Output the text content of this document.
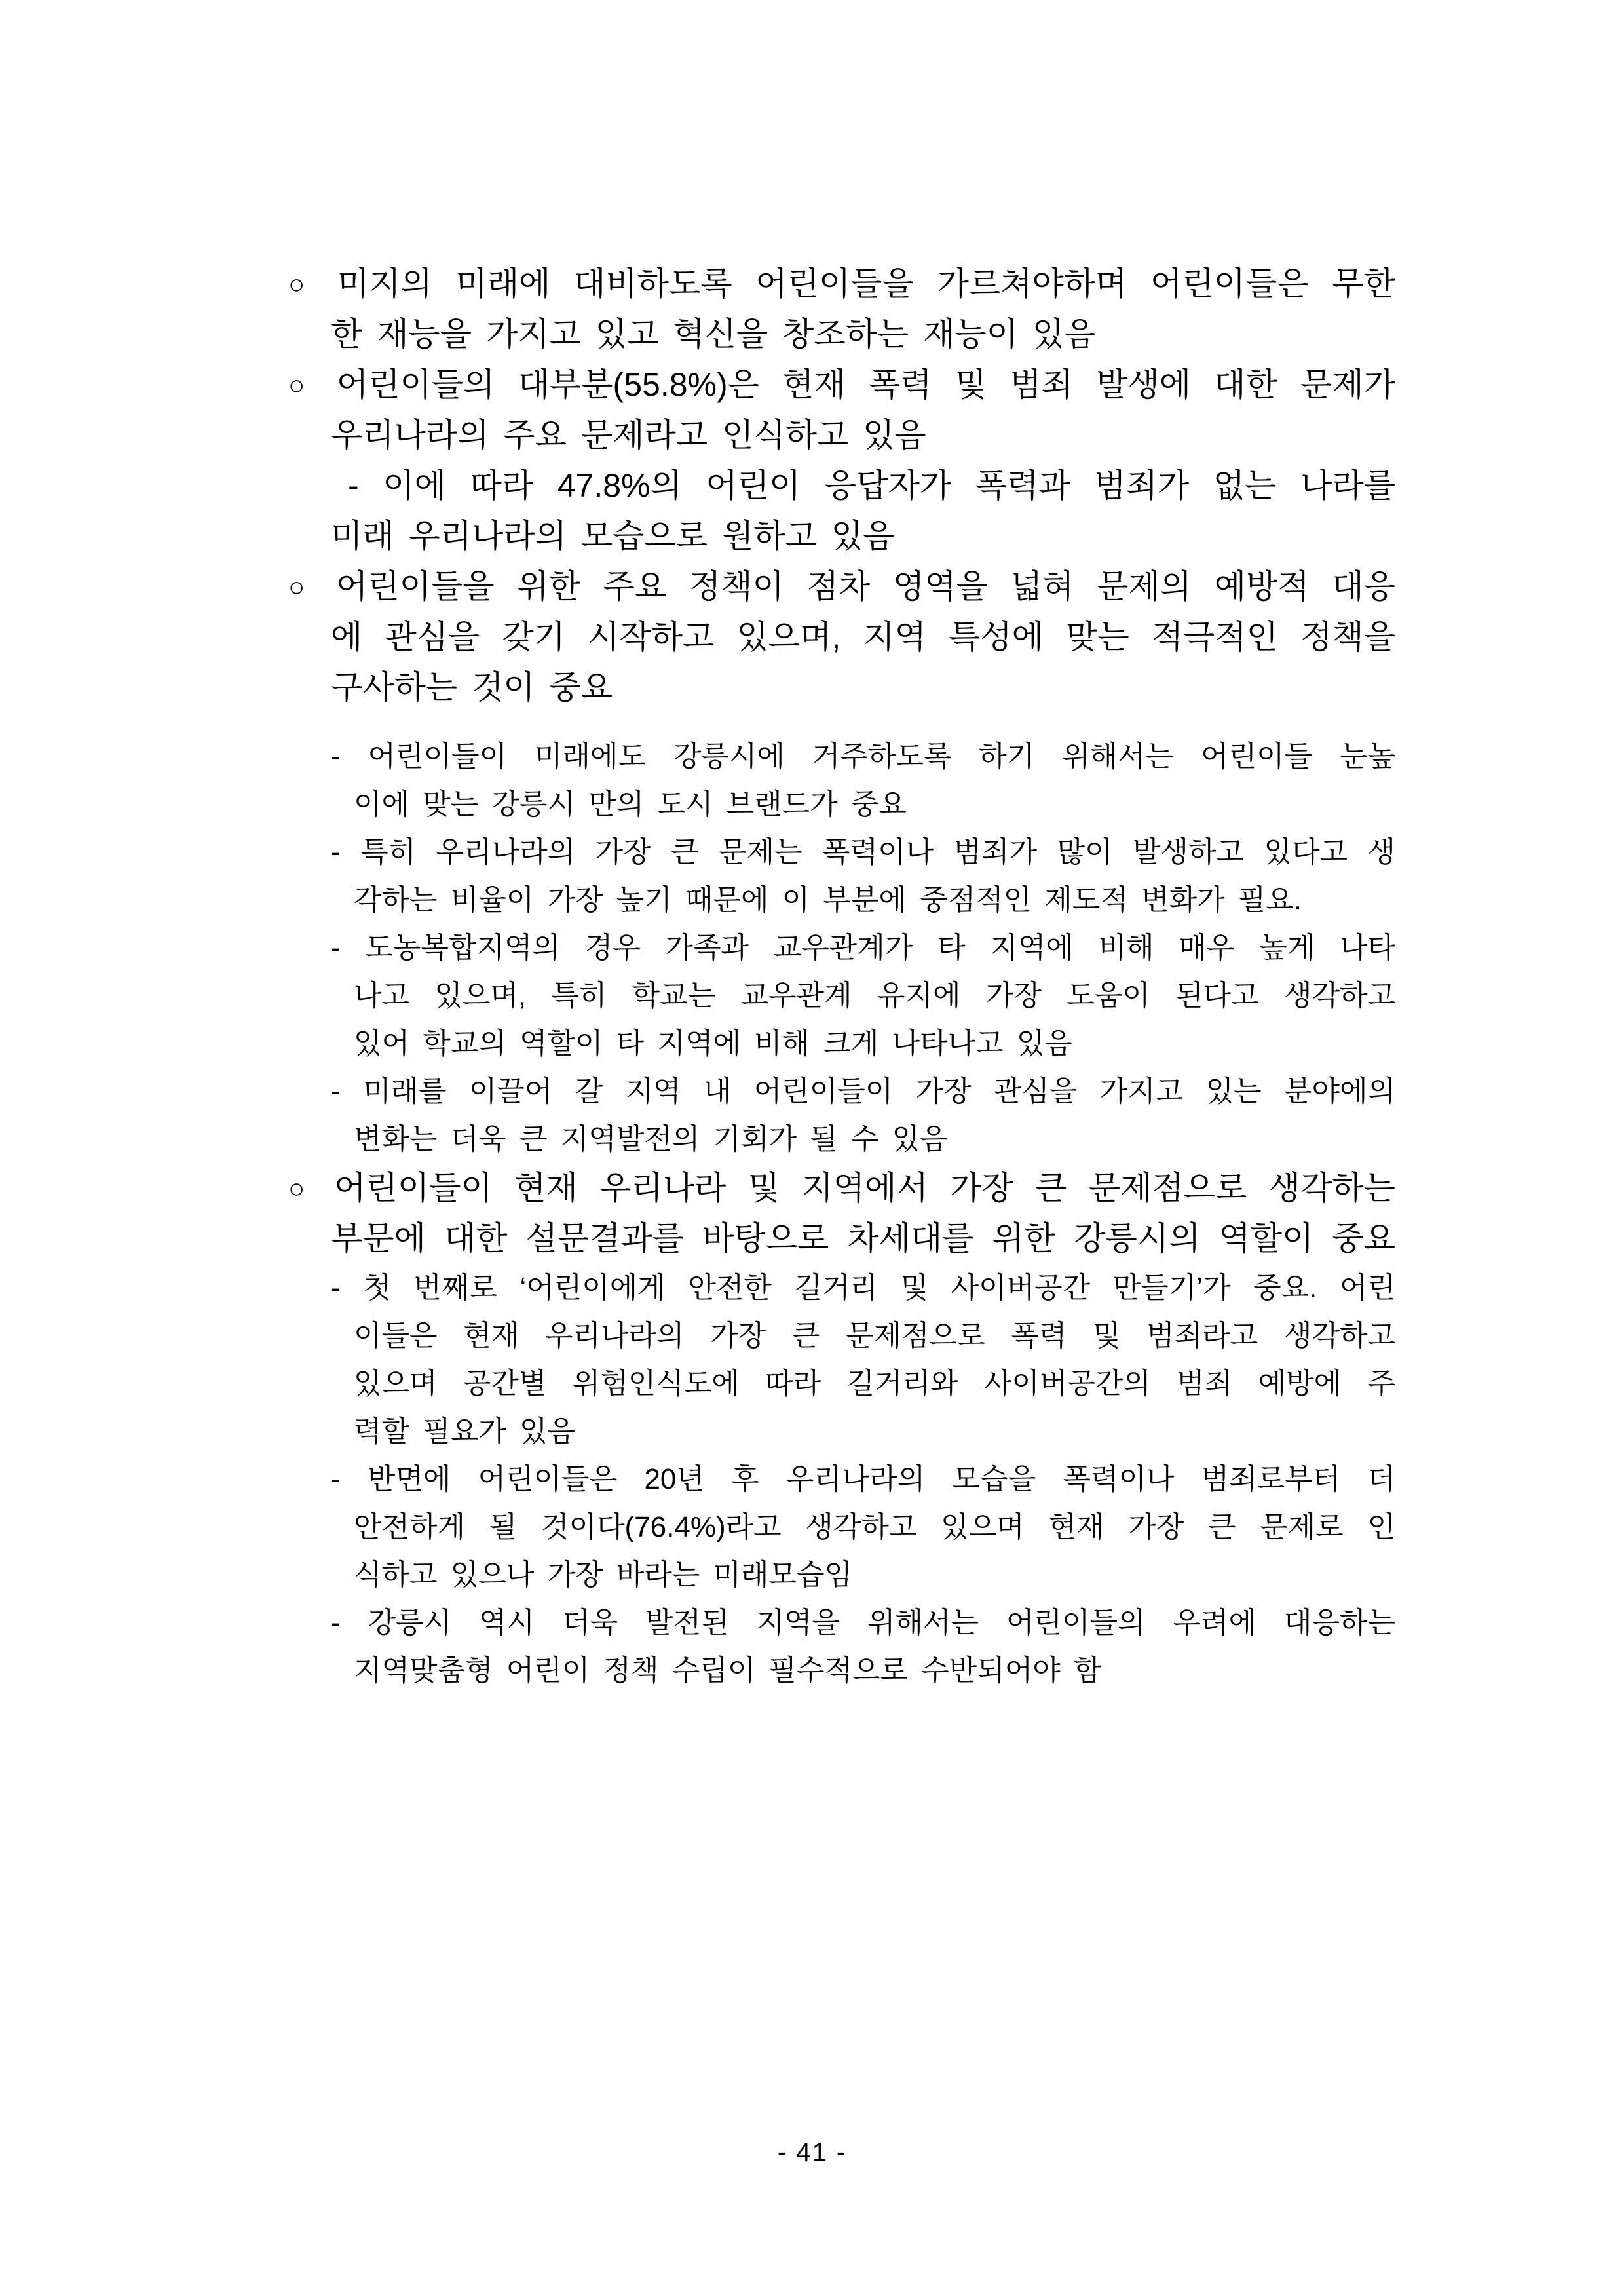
○ 미지의 미래에 대비하도록 어린이들을 가르쳐야하며 어린이들은 무한
한 재능을 가지고 있고 혁신을 창조하는 재능이 있음
○ 어린이들의 대부분(55.8%)은 현재 폭력 및 범죄 발생에 대한 문제가
우리나라의 주요 문제라고 인식하고 있음
- 이에 따라 47.8%의 어린이 응답자가 폭력과 범죄가 없는 나라를
미래 우리나라의 모습으로 원하고 있음
○ 어린이들을 위한 주요 정책이 점차 영역을 넓혀 문제의 예방적 대응
에 관심을 갖기 시작하고 있으며, 지역 특성에 맞는 적극적인 정책을
구사하는 것이 중요
- 어린이들이 미래에도 강릉시에 거주하도록 하기 위해서는 어린이들 눈높
이에 맞는 강릉시 만의 도시 브랜드가 중요
- 특히 우리나라의 가장 큰 문제는 폭력이나 범죄가 많이 발생하고 있다고 생
각하는 비율이 가장 높기 때문에 이 부분에 중점적인 제도적 변화가 필요.
- 도농복합지역의 경우 가족과 교우관계가 타 지역에 비해 매우 높게 나타
나고 있으며, 특히 학교는 교우관계 유지에 가장 도움이 된다고 생각하고
있어 학교의 역할이 타 지역에 비해 크게 나타나고 있음
- 미래를 이끌어 갈 지역 내 어린이들이 가장 관심을 가지고 있는 분야에의
변화는 더욱 큰 지역발전의 기회가 될 수 있음
○ 어린이들이 현재 우리나라 및 지역에서 가장 큰 문제점으로 생각하는
부문에 대한 설문결과를 바탕으로 차세대를 위한 강릉시의 역할이 중요
- 첫 번째로 ‘어린이에게 안전한 길거리 및 사이버공간 만들기’가 중요. 어린
이들은 현재 우리나라의 가장 큰 문제점으로 폭력 및 범죄라고 생각하고
있으며 공간별 위험인식도에 따라 길거리와 사이버공간의 범죄 예방에 주
력할 필요가 있음
- 반면에 어린이들은 20년 후 우리나라의 모습을 폭력이나 범죄로부터 더
안전하게 될 것이다(76.4%)라고 생각하고 있으며 현재 가장 큰 문제로 인
식하고 있으나 가장 바라는 미래모습임
- 강릉시 역시 더욱 발전된 지역을 위해서는 어린이들의 우려에 대응하는
지역맞춤형 어린이 정책 수립이 필수적으로 수반되어야 함
- 41 -
